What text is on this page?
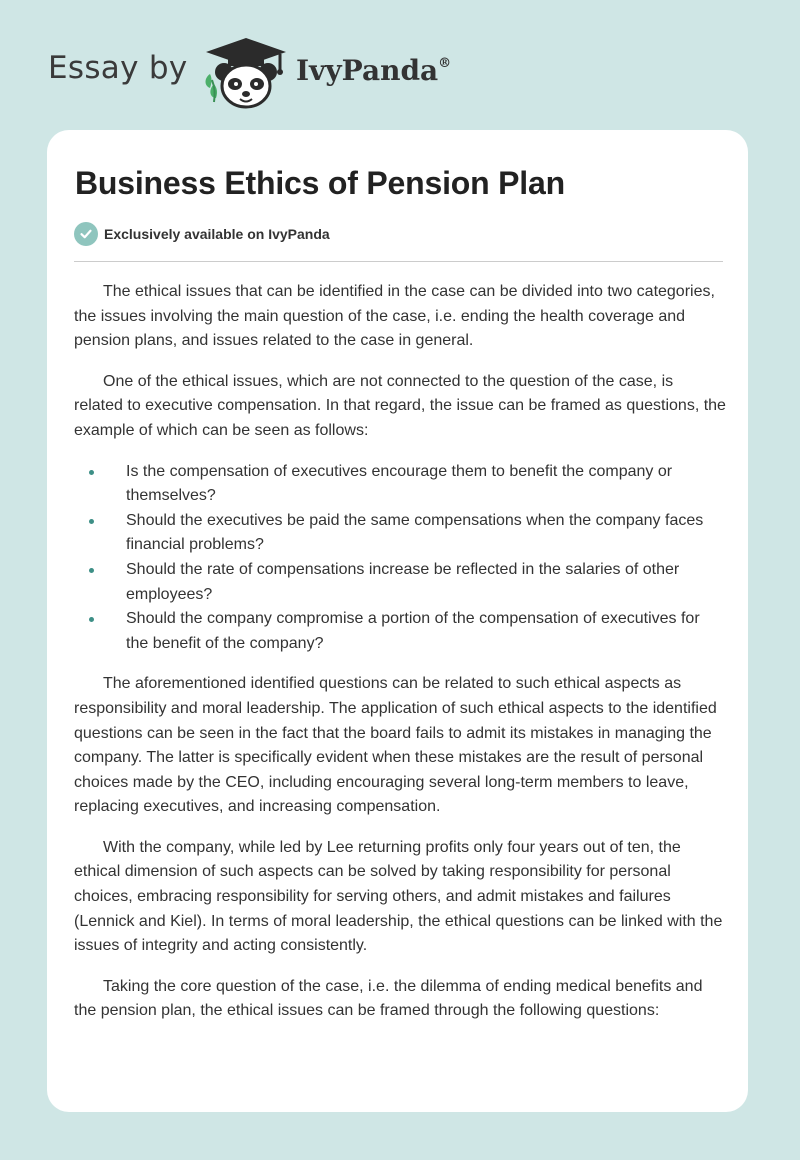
Essay by	IvyPanda®
Business Ethics of Pension Plan
Exclusively available on IvyPanda

The ethical issues that can be identified in the case can be divided into two categories, the issues involving the main question of the case, i.e. ending the health coverage and pension plans, and issues related to the case in general.

One of the ethical issues, which are not connected to the question of the case, is related to executive compensation. In that regard, the issue can be framed as questions, the example of which can be seen as follows:

Is the compensation of executives encourage them to benefit the company or themselves?
Should the executives be paid the same compensations when the company faces financial problems?
Should the rate of compensations increase be reflected in the salaries of other employees?
Should the company compromise a portion of the compensation of executives for the benefit of the company?

The aforementioned identified questions can be related to such ethical aspects as responsibility and moral leadership. The application of such ethical aspects to the identified questions can be seen in the fact that the board fails to admit its mistakes in managing the company. The latter is specifically evident when these mistakes are the result of personal choices made by the CEO, including encouraging several long-term members to leave, replacing executives, and increasing compensation.

With the company, while led by Lee returning profits only four years out of ten, the ethical dimension of such aspects can be solved by taking responsibility for personal choices, embracing responsibility for serving others, and admit mistakes and failures (Lennick and Kiel). In terms of moral leadership, the ethical questions can be linked with the issues of integrity and acting consistently.

Taking the core question of the case, i.e. the dilemma of ending medical benefits and the pension plan, the ethical issues can be framed through the following questions:
